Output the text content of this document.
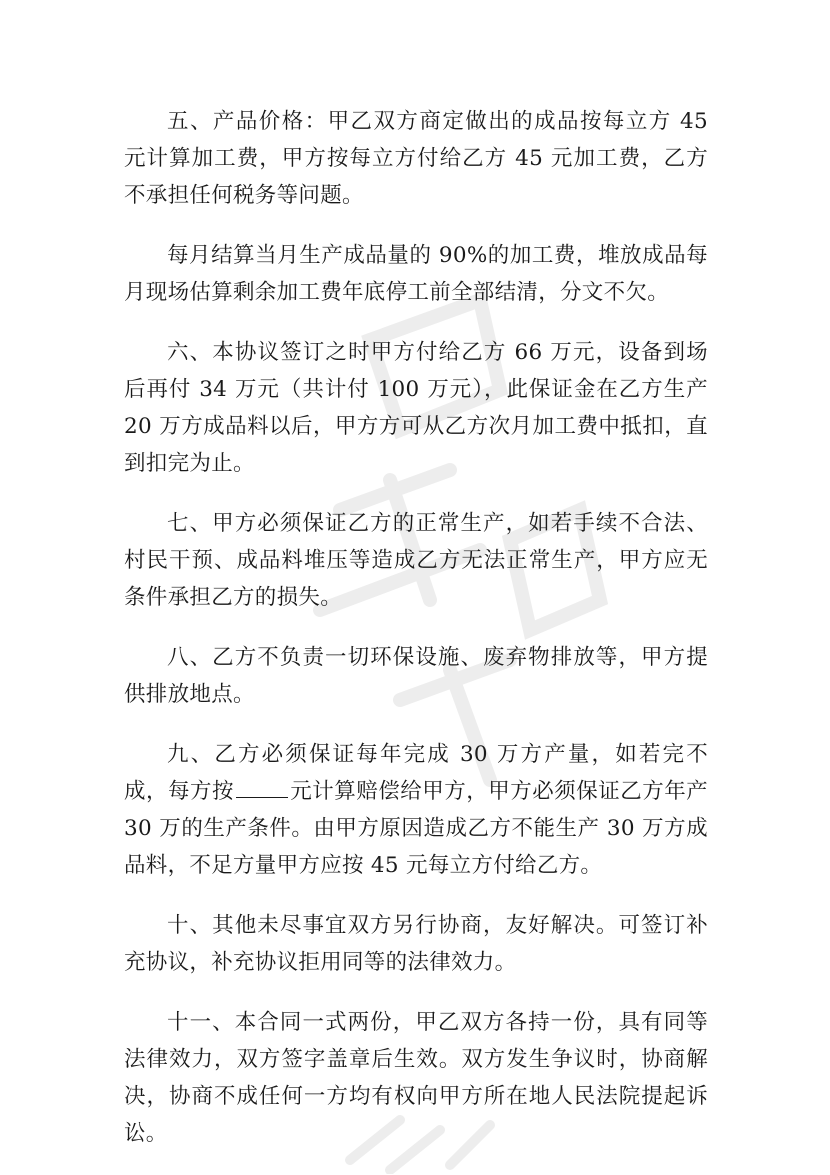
五、产品价格：甲乙双方商定做出的成品按每立方 45 元计算加工费，甲方按每立方付给乙方 45 元加工费，乙方不承担任何税务等问题。

每月结算当月生产成品量的 90%的加工费，堆放成品每月现场估算剩余加工费年底停工前全部结清，分文不欠。

六、本协议签订之时甲方付给乙方 66 万元，设备到场后再付 34 万元（共计付 100 万元），此保证金在乙方生产 20 万方成品料以后，甲方方可从乙方次月加工费中抵扣，直到扣完为止。

七、甲方必须保证乙方的正常生产，如若手续不合法、村民干预、成品料堆压等造成乙方无法正常生产，甲方应无条件承担乙方的损失。

八、乙方不负责一切环保设施、废弃物排放等，甲方提供排放地点。

九、乙方必须保证每年完成 30 万方产量，如若完不成，每方按	元计算赔偿给甲方，甲方必须保证乙方年产 30 万的生产条件。由甲方原因造成乙方不能生产 30 万方成品料，不足方量甲方应按 45 元每立方付给乙方。

十、其他未尽事宜双方另行协商，友好解决。可签订补充协议，补充协议拒用同等的法律效力。

十一、本合同一式两份，甲乙双方各持一份，具有同等法律效力，双方签字盖章后生效。双方发生争议时，协商解决，协商不成任何一方均有权向甲方所在地人民法院提起诉讼。
